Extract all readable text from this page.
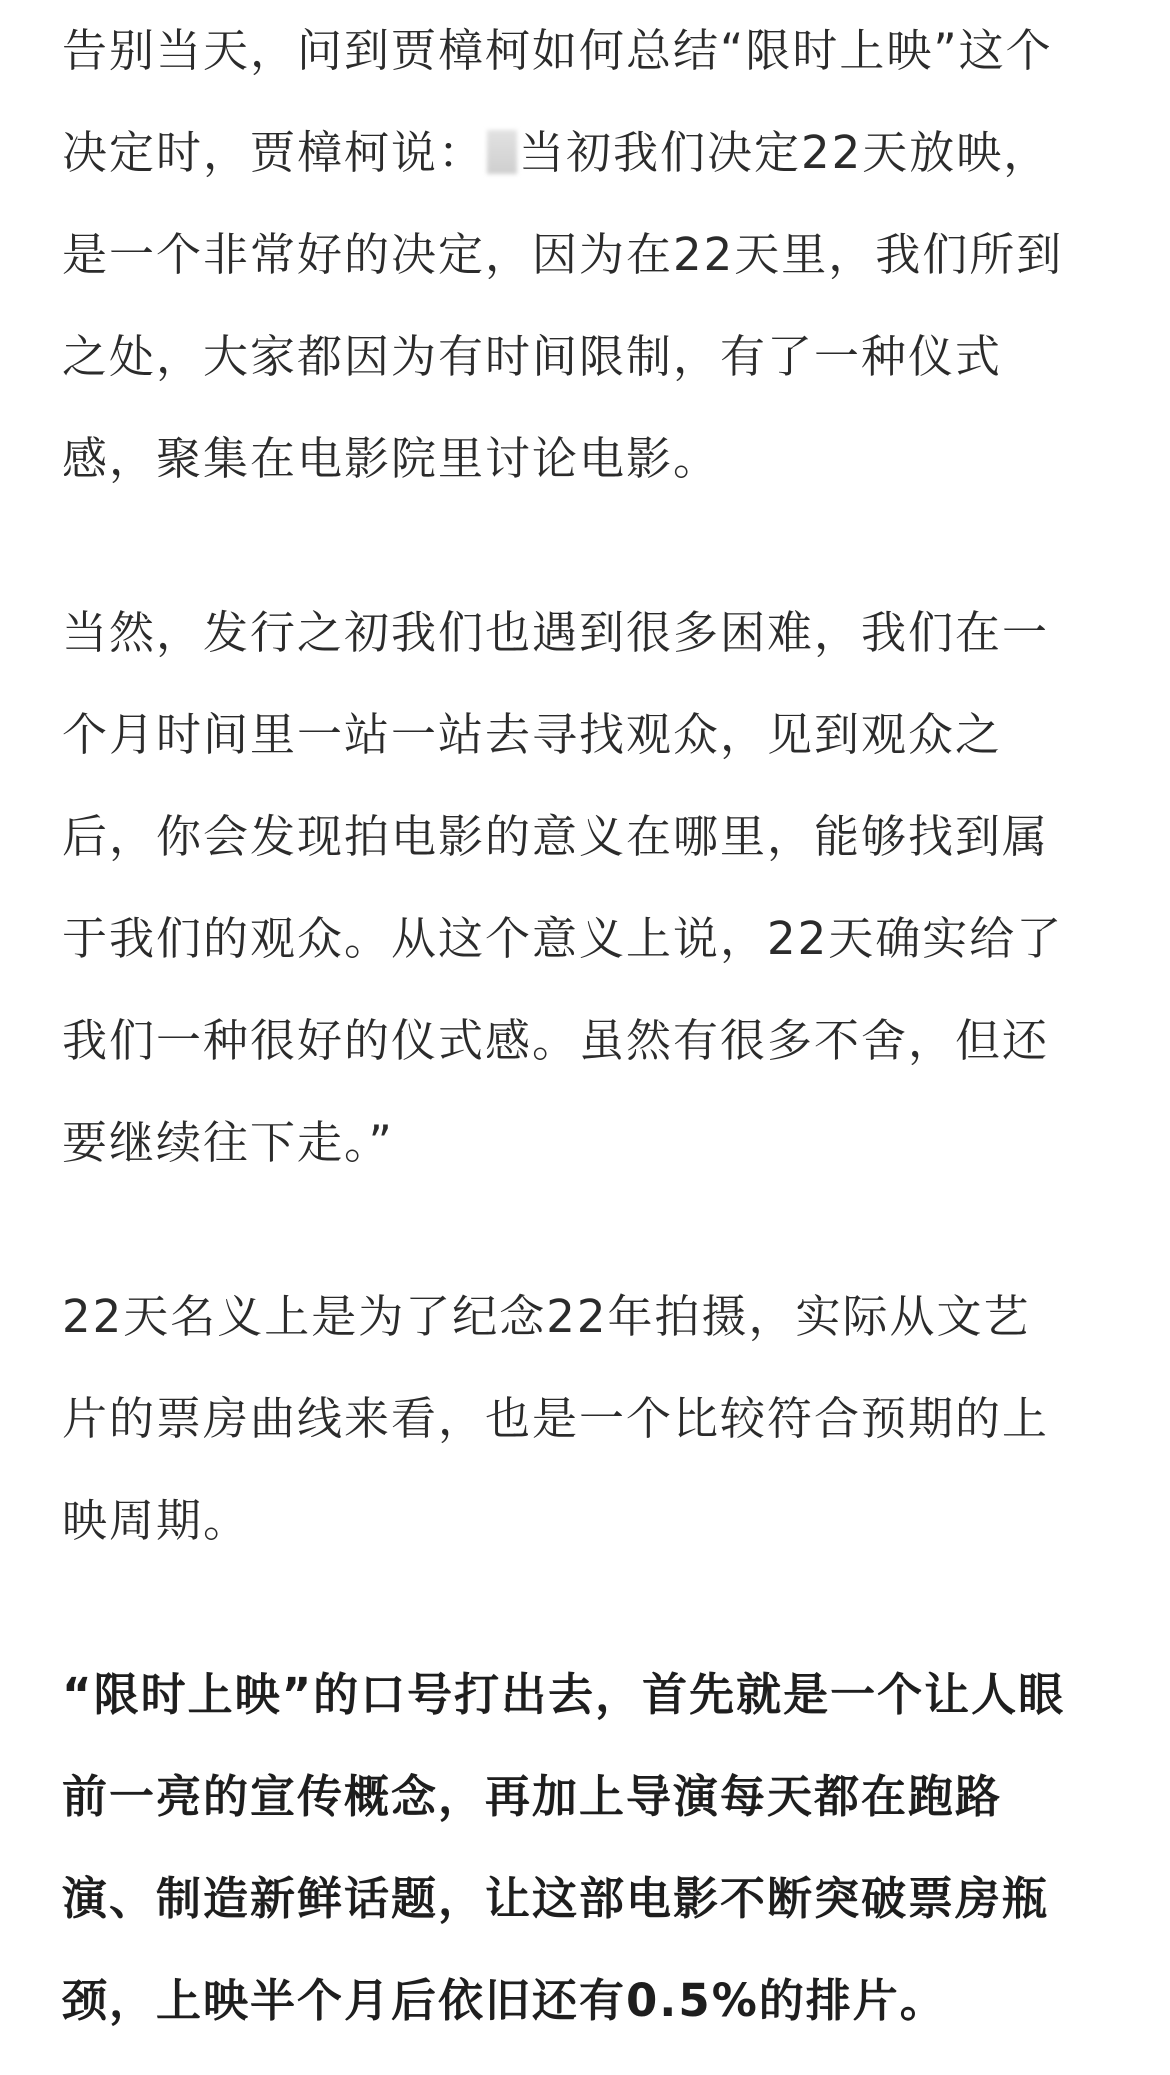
告别当天，问到贾樟柯如何总结“限时上映”这个
决定时，贾樟柯说： 当初我们决定22天放映，
是一个非常好的决定，因为在22天里，我们所到
之处，大家都因为有时间限制，有了一种仪式
感，聚集在电影院里讨论电影。
当然，发行之初我们也遇到很多困难，我们在一
个月时间里一站一站去寻找观众，见到观众之
后，你会发现拍电影的意义在哪里，能够找到属
于我们的观众。从这个意义上说，22天确实给了
我们一种很好的仪式感。虽然有很多不舍，但还
要继续往下走。”
22天名义上是为了纪念22年拍摄，实际从文艺
片的票房曲线来看，也是一个比较符合预期的上
映周期。
“限时上映”的口号打出去，首先就是一个让人眼
前一亮的宣传概念，再加上导演每天都在跑路
演、制造新鲜话题，让这部电影不断突破票房瓶
颈，上映半个月后依旧还有0.5%的排片。
